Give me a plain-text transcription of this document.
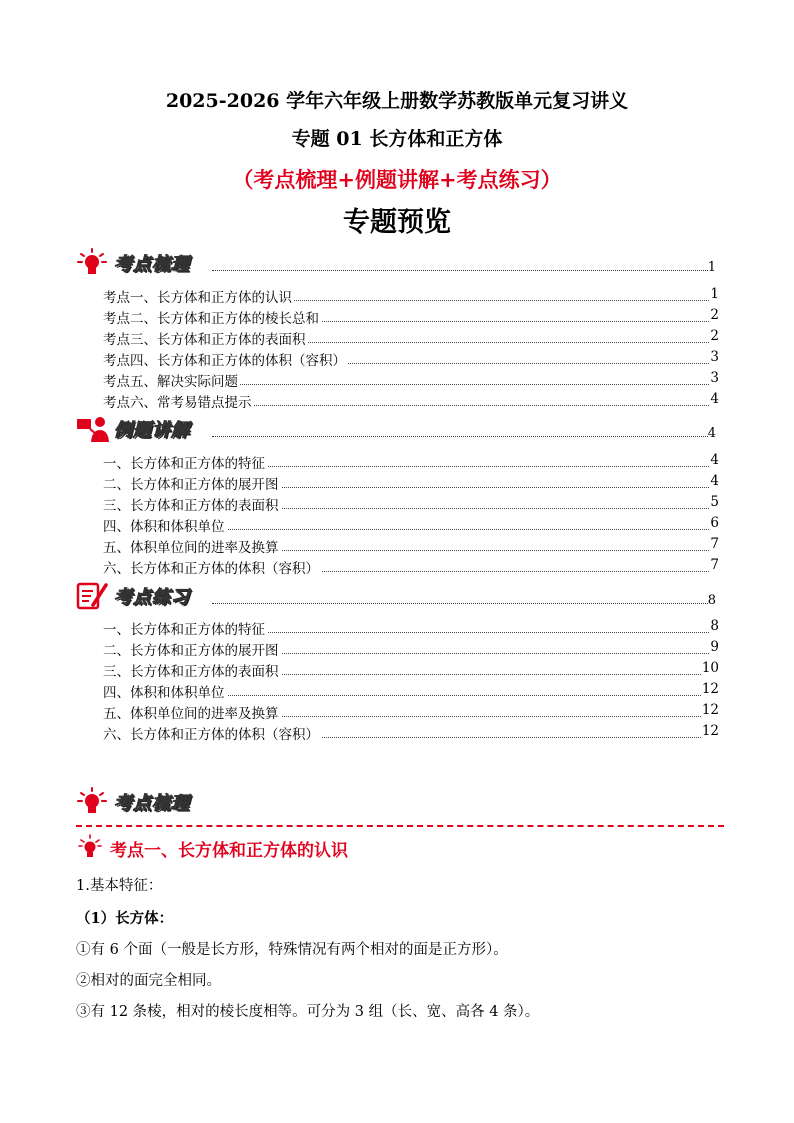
2025-2026 学年六年级上册数学苏教版单元复习讲义
专题 01 长方体和正方体
（考点梳理+例题讲解+考点练习）
专题预览
考点梳理	1
考点一、长方体和正方体的认识	1
考点二、长方体和正方体的棱长总和	2
考点三、长方体和正方体的表面积	2
考点四、长方体和正方体的体积（容积）	3
考点五、解决实际问题	3
考点六、常考易错点提示	4
例题讲解	4
一、长方体和正方体的特征	4
二、长方体和正方体的展开图	4
三、长方体和正方体的表面积	5
四、体积和体积单位	6
五、体积单位间的进率及换算	7
六、长方体和正方体的体积（容积）	7
考点练习	8
一、长方体和正方体的特征	8
二、长方体和正方体的展开图	9
三、长方体和正方体的表面积	10
四、体积和体积单位	12
五、体积单位间的进率及换算	12
六、长方体和正方体的体积（容积）	12
考点梳理
考点一、长方体和正方体的认识
1.基本特征：
（1）长方体：
①有 6 个面（一般是长方形，特殊情况有两个相对的面是正方形）。
②相对的面完全相同。
③有 12 条棱，相对的棱长度相等。可分为 3 组（长、宽、高各 4 条）。
